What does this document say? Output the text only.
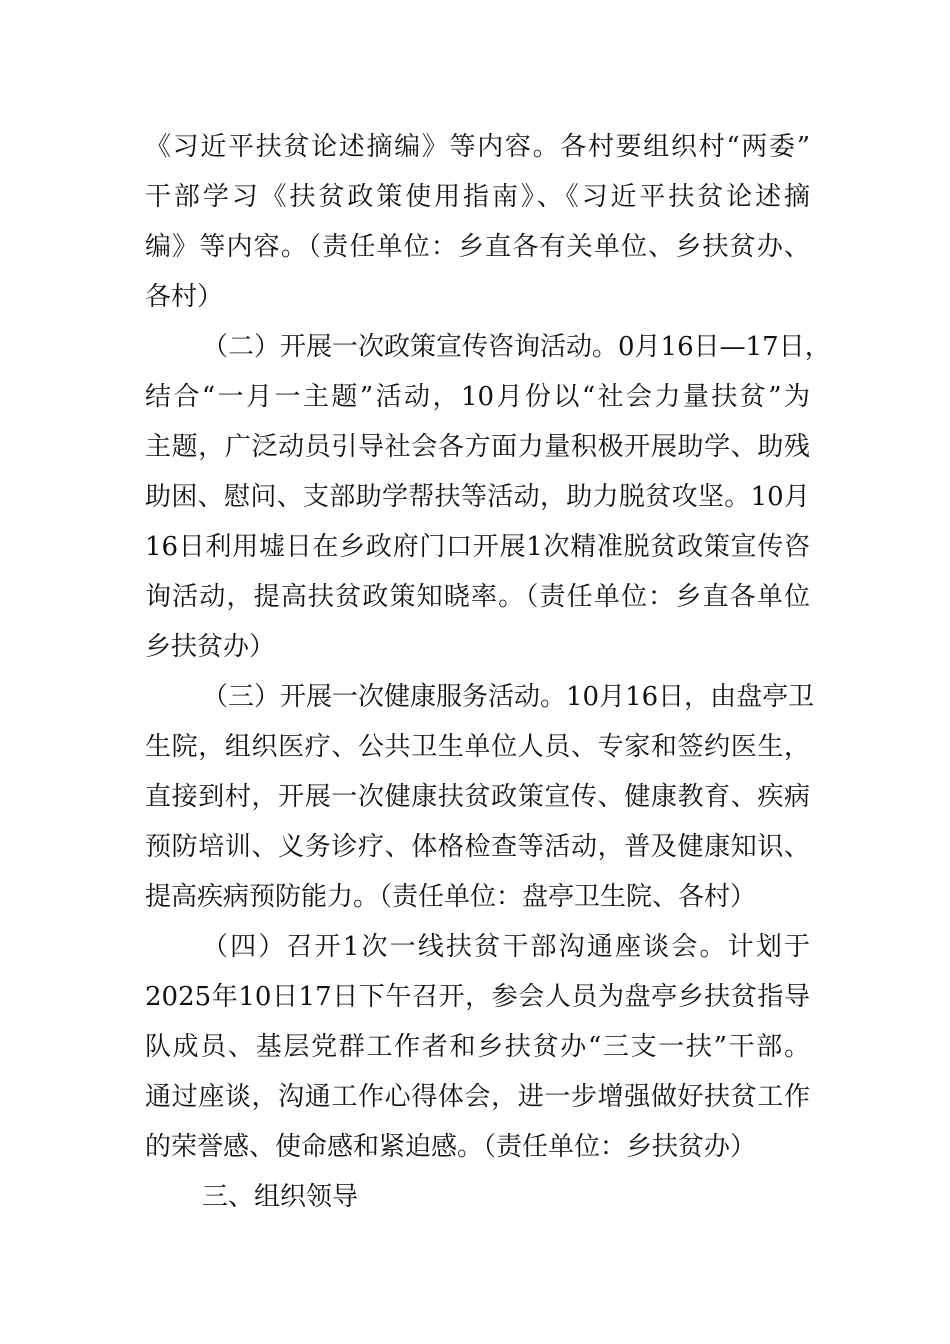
《习近平扶贫论述摘编》等内容。各村要组织村“两委”
干部学习《扶贫政策使用指南》、《习近平扶贫论述摘
编》等内容。（责任单位：乡直各有关单位、乡扶贫办、
各村）
（二）开展一次政策宣传咨询活动。0月16日—17日，
结合“一月一主题”活动，10月份以“社会力量扶贫”为
主题，广泛动员引导社会各方面力量积极开展助学、助残
助困、慰问、支部助学帮扶等活动，助力脱贫攻坚。10月
16日利用墟日在乡政府门口开展1次精准脱贫政策宣传咨
询活动，提高扶贫政策知晓率。（责任单位：乡直各单位
乡扶贫办）
（三）开展一次健康服务活动。10月16日，由盘亭卫
生院，组织医疗、公共卫生单位人员、专家和签约医生，
直接到村，开展一次健康扶贫政策宣传、健康教育、疾病
预防培训、义务诊疗、体格检查等活动，普及健康知识、
提高疾病预防能力。（责任单位：盘亭卫生院、各村）
（四）召开1次一线扶贫干部沟通座谈会。计划于
2025年10日17日下午召开，参会人员为盘亭乡扶贫指导
队成员、基层党群工作者和乡扶贫办“三支一扶”干部。
通过座谈，沟通工作心得体会，进一步增强做好扶贫工作
的荣誉感、使命感和紧迫感。（责任单位：乡扶贫办）
三、组织领导
